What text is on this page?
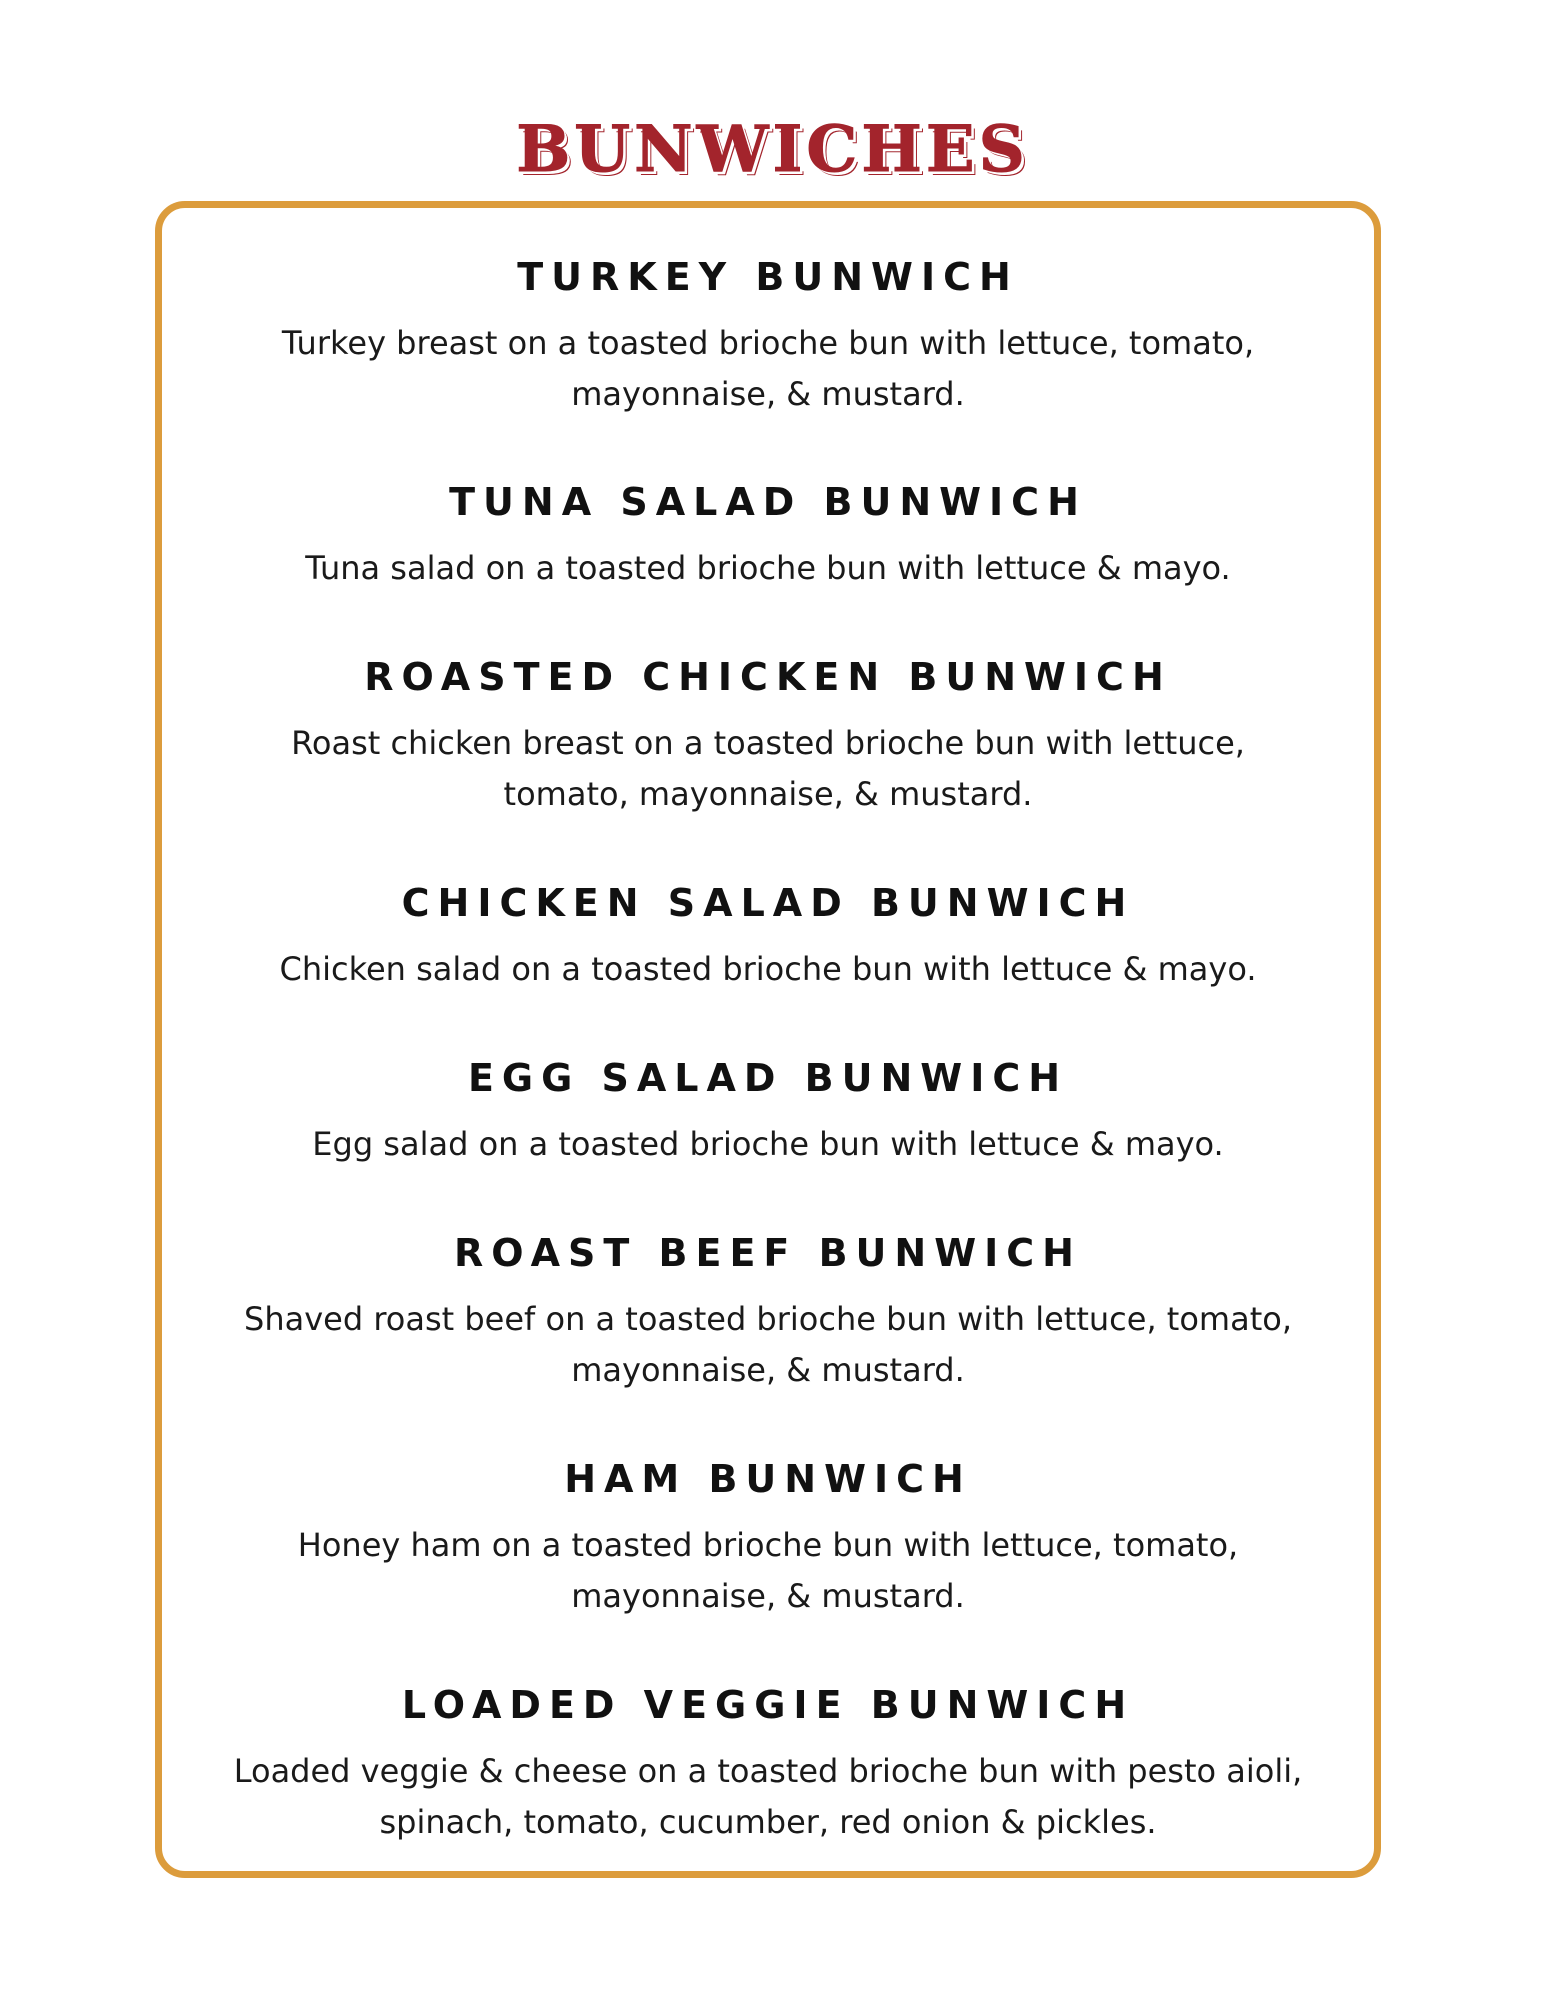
BUNWICHES
TURKEY BUNWICH
Turkey breast on a toasted brioche bun with lettuce, tomato,
mayonnaise, & mustard.
TUNA SALAD BUNWICH
Tuna salad on a toasted brioche bun with lettuce & mayo.
ROASTED CHICKEN BUNWICH
Roast chicken breast on a toasted brioche bun with lettuce,
tomato, mayonnaise, & mustard.
CHICKEN SALAD BUNWICH
Chicken salad on a toasted brioche bun with lettuce & mayo.
EGG SALAD BUNWICH
Egg salad on a toasted brioche bun with lettuce & mayo.
ROAST BEEF BUNWICH
Shaved roast beef on a toasted brioche bun with lettuce, tomato,
mayonnaise, & mustard.
HAM BUNWICH
Honey ham on a toasted brioche bun with lettuce, tomato,
mayonnaise, & mustard.
LOADED VEGGIE BUNWICH
Loaded veggie & cheese on a toasted brioche bun with pesto aioli,
spinach, tomato, cucumber, red onion & pickles.
